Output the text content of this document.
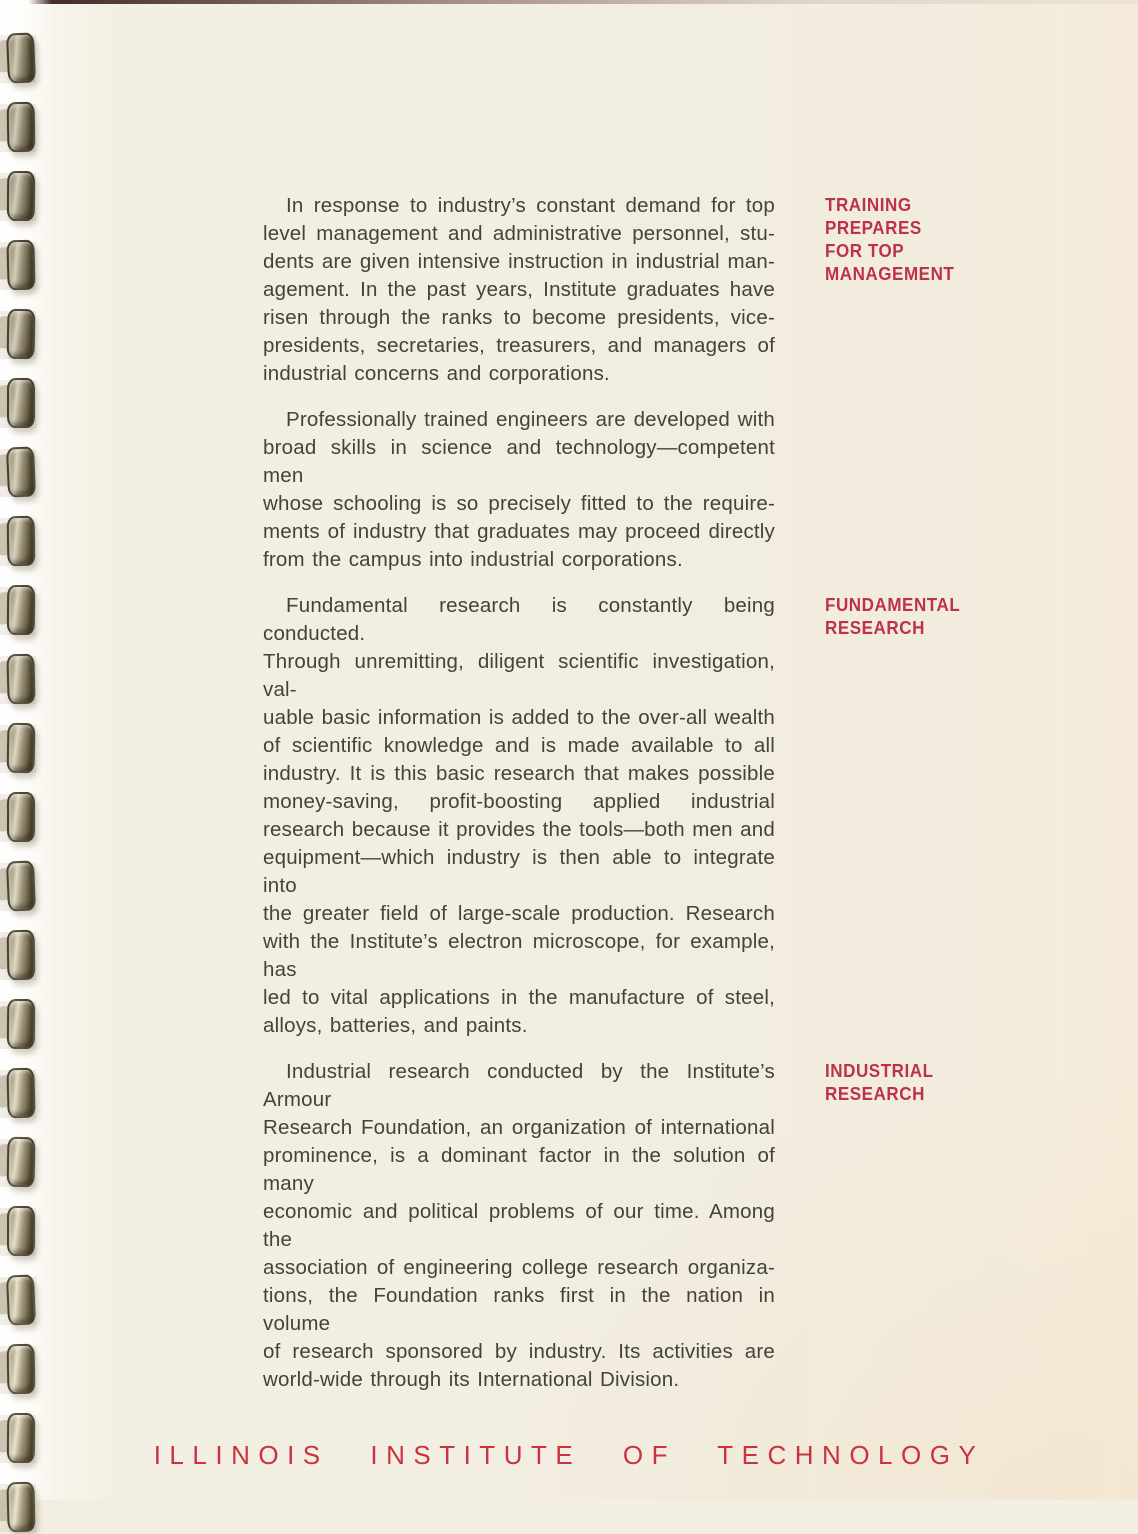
In response to industry’s constant demand for top
level management and administrative personnel, stu-
dents are given intensive instruction in industrial man-
agement. In the past years, Institute graduates have
risen through the ranks to become presidents, vice-
presidents, secretaries, treasurers, and managers of
industrial concerns and corporations.
TRAINING
PREPARES
FOR TOP
MANAGEMENT
Professionally trained engineers are developed with
broad skills in science and technology—competent men
whose schooling is so precisely fitted to the require-
ments of industry that graduates may proceed directly
from the campus into industrial corporations.
Fundamental research is constantly being conducted.
Through unremitting, diligent scientific investigation, val-
uable basic information is added to the over-all wealth
of scientific knowledge and is made available to all
industry. It is this basic research that makes possible
money-saving, profit-boosting applied industrial
research because it provides the tools—both men and
equipment—which industry is then able to integrate into
the greater field of large-scale production. Research
with the Institute’s electron microscope, for example, has
led to vital applications in the manufacture of steel,
alloys, batteries, and paints.
FUNDAMENTAL
RESEARCH
Industrial research conducted by the Institute’s Armour
Research Foundation, an organization of international
prominence, is a dominant factor in the solution of many
economic and political problems of our time. Among the
association of engineering college research organiza-
tions, the Foundation ranks first in the nation in volume
of research sponsored by industry. Its activities are
world-wide through its International Division.
INDUSTRIAL
RESEARCH
ILLINOIS INSTITUTE OF TECHNOLOGY
